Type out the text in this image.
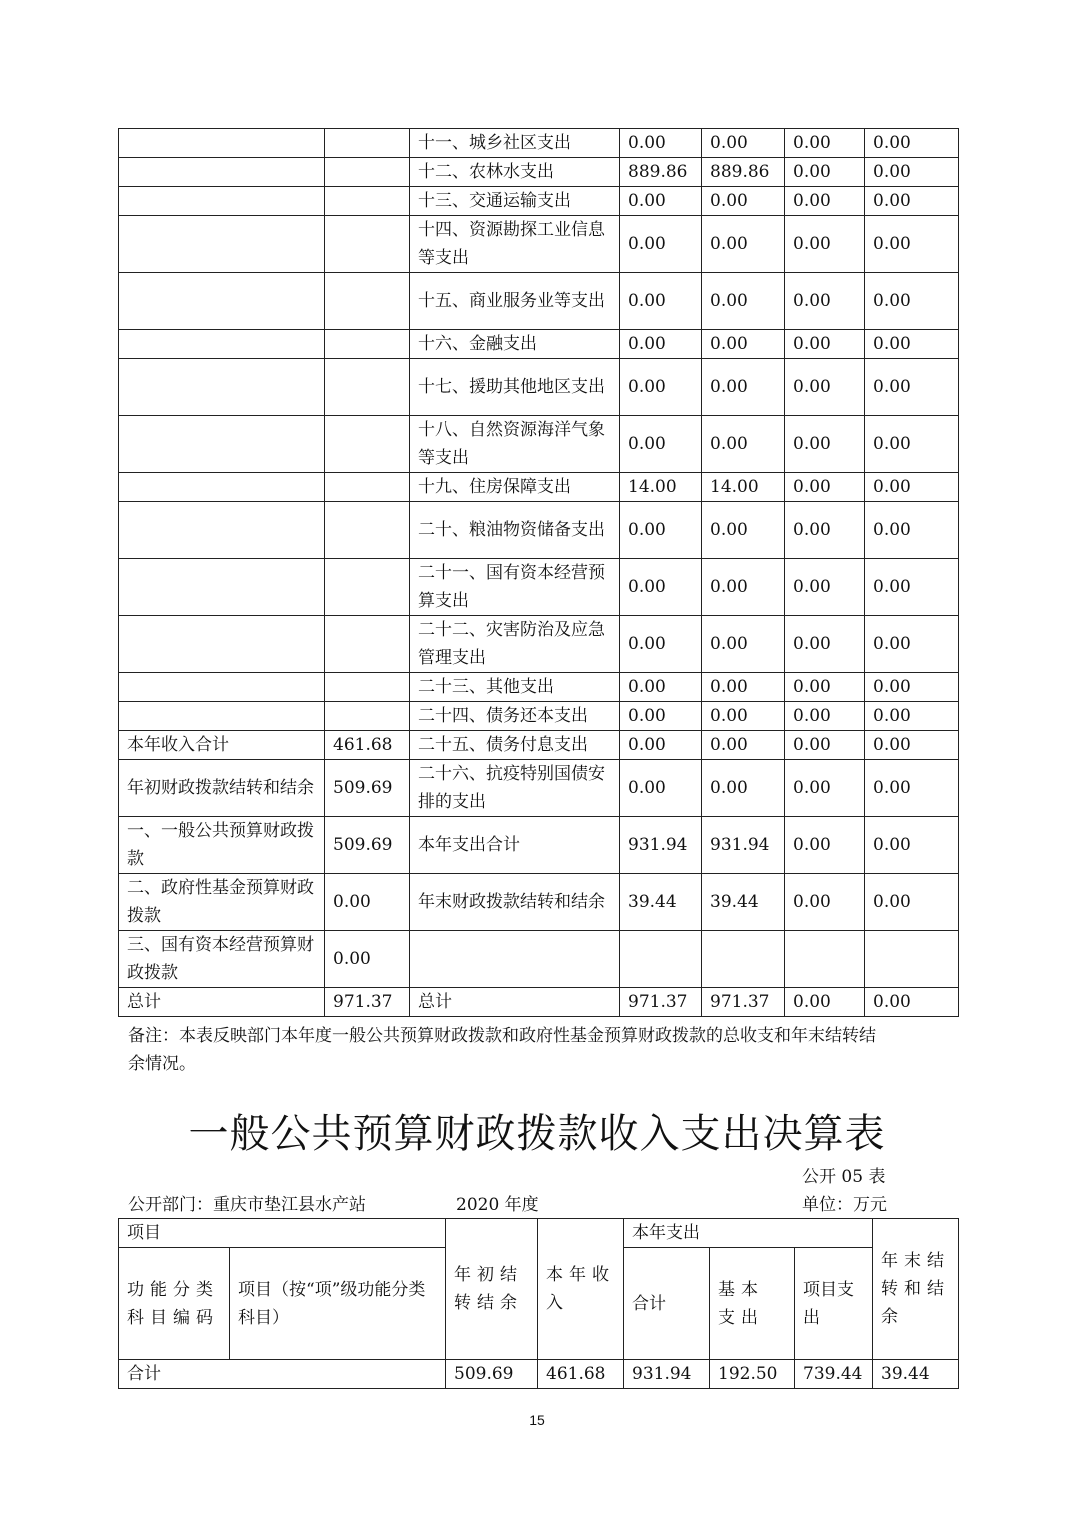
		十一、城乡社区支出	0.00	0.00	0.00	0.00
		十二、农林水支出	889.86	889.86	0.00	0.00
		十三、交通运输支出	0.00	0.00	0.00	0.00
		十四、资源勘探工业信息等支出	0.00	0.00	0.00	0.00
		十五、商业服务业等支出	0.00	0.00	0.00	0.00
		十六、金融支出	0.00	0.00	0.00	0.00
		十七、援助其他地区支出	0.00	0.00	0.00	0.00
		十八、自然资源海洋气象等支出	0.00	0.00	0.00	0.00
		十九、住房保障支出	14.00	14.00	0.00	0.00
		二十、粮油物资储备支出	0.00	0.00	0.00	0.00
		二十一、国有资本经营预算支出	0.00	0.00	0.00	0.00
		二十二、灾害防治及应急管理支出	0.00	0.00	0.00	0.00
		二十三、其他支出	0.00	0.00	0.00	0.00
		二十四、债务还本支出	0.00	0.00	0.00	0.00
本年收入合计	461.68	二十五、债务付息支出	0.00	0.00	0.00	0.00
年初财政拨款结转和结余	509.69	二十六、抗疫特别国债安排的支出	0.00	0.00	0.00	0.00
一、一般公共预算财政拨款	509.69	本年支出合计	931.94	931.94	0.00	0.00
二、政府性基金预算财政拨款	0.00	年末财政拨款结转和结余	39.44	39.44	0.00	0.00
三、国有资本经营预算财政拨款	0.00					
总计	971.37	总计	971.37	971.37	0.00	0.00
备注：本表反映部门本年度一般公共预算财政拨款和政府性基金预算财政拨款的总收支和年末结转结余情况。
一般公共预算财政拨款收入支出决算表
公开 05 表
公开部门：重庆市垫江县水产站	2020 年度	单位：万元
项目		年初结转结余	本年收入	本年支出			年末结转和结余
功能分类科目编码	项目（按“项”级功能分类科目）			合计	基本支出	项目支出	
合计		509.69	461.68	931.94	192.50	739.44	39.44
15
